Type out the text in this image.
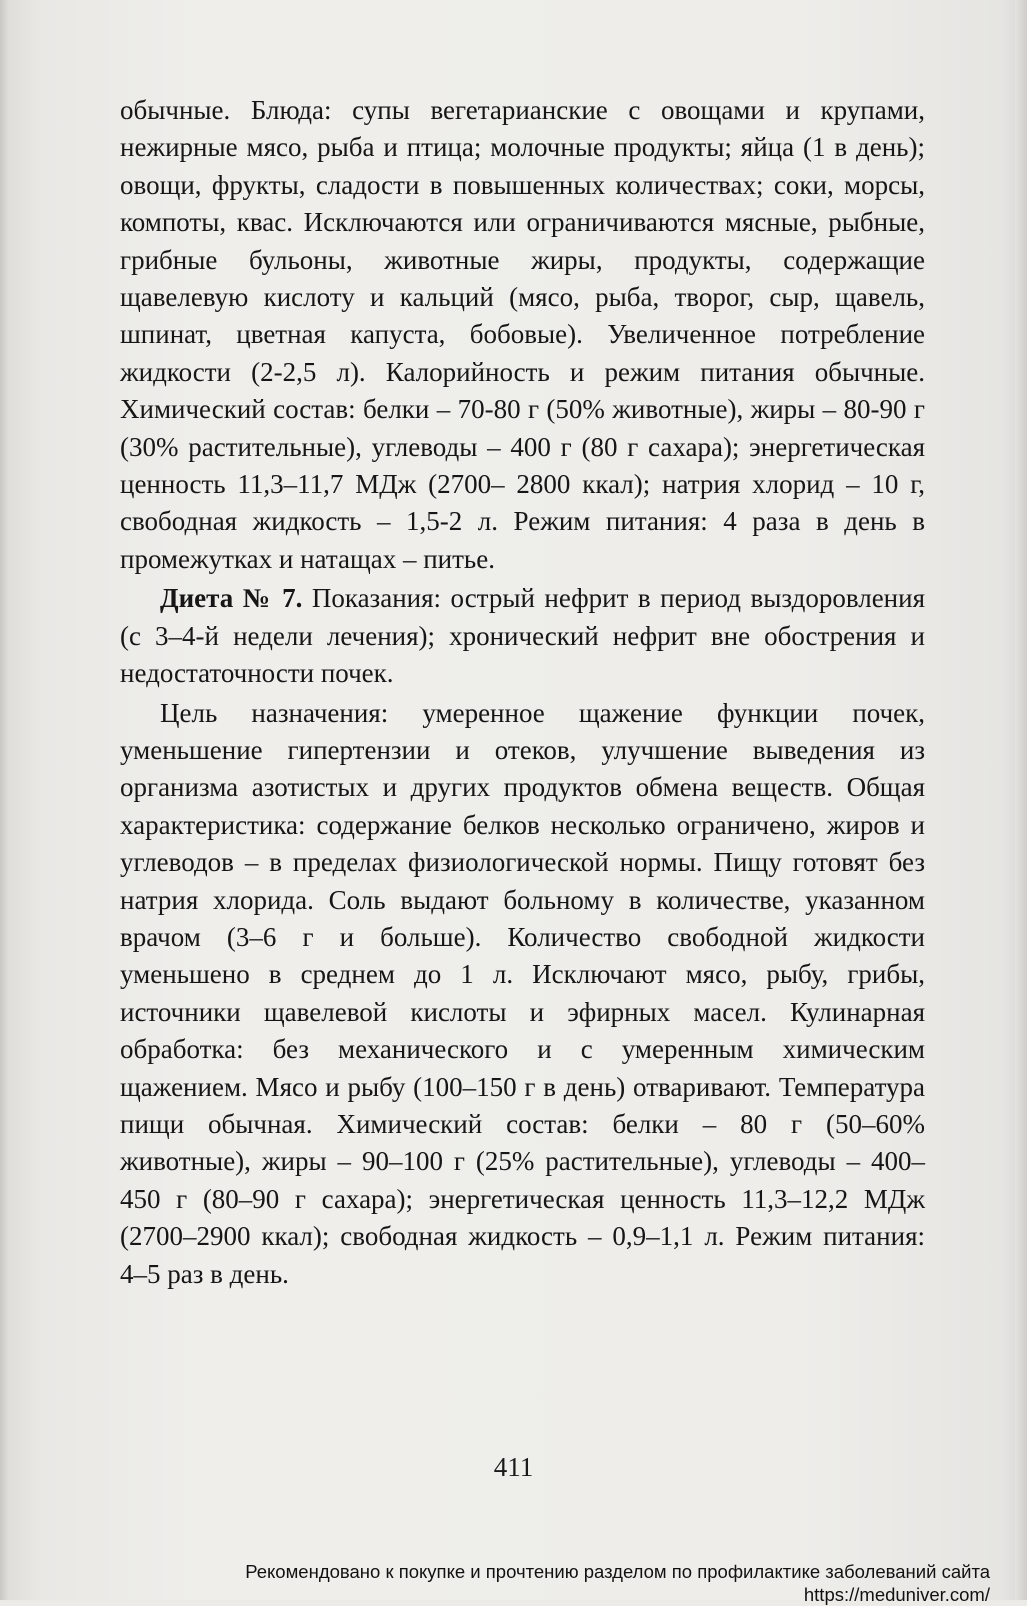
обычные. Блюда: супы вегетарианские с овощами и крупами, нежирные мясо, рыба и птица; молочные продукты; яйца (1 в день); овощи, фрукты, сладости в повышенных количествах; соки, морсы, компоты, квас. Исключаются или ограничиваются мясные, рыбные, грибные бульоны, животные жиры, продукты, содержащие щавелевую кислоту и кальций (мясо, рыба, творог, сыр, щавель, шпинат, цветная капуста, бобовые). Увеличенное потребление жидкости (2-2,5 л). Калорийность и режим питания обычные. Химический состав: белки – 70-80 г (50% животные), жиры – 80-90 г (30% растительные), углеводы – 400 г (80 г сахара); энергетическая ценность 11,3–11,7 МДж (2700– 2800 ккал); натрия хлорид – 10 г, свободная жидкость – 1,5-2 л. Режим питания: 4 раза в день в промежутках и натащах – питье.

Диета № 7. Показания: острый нефрит в период выздоровления (с 3–4-й недели лечения); хронический нефрит вне обострения и недостаточности почек.

Цель назначения: умеренное щажение функции почек, уменьшение гипертензии и отеков, улучшение выведения из организма азотистых и других продуктов обмена веществ. Общая характеристика: содержание белков несколько ограничено, жиров и углеводов – в пределах физиологической нормы. Пищу готовят без натрия хлорида. Соль выдают больному в количестве, указанном врачом (3–6 г и больше). Количество свободной жидкости уменьшено в среднем до 1 л. Исключают мясо, рыбу, грибы, источники щавелевой кислоты и эфирных масел. Кулинарная обработка: без механического и с умеренным химическим щажением. Мясо и рыбу (100–150 г в день) отваривают. Температура пищи обычная. Химический состав: белки – 80 г (50–60% животные), жиры – 90–100 г (25% растительные), углеводы – 400–450 г (80–90 г сахара); энергетическая ценность 11,3–12,2 МДж (2700–2900 ккал); свободная жидкость – 0,9–1,1 л. Режим питания: 4–5 раз в день.

411
Рекомендовано к покупке и прочтению разделом по профилактике заболеваний сайта https://meduniver.com/
